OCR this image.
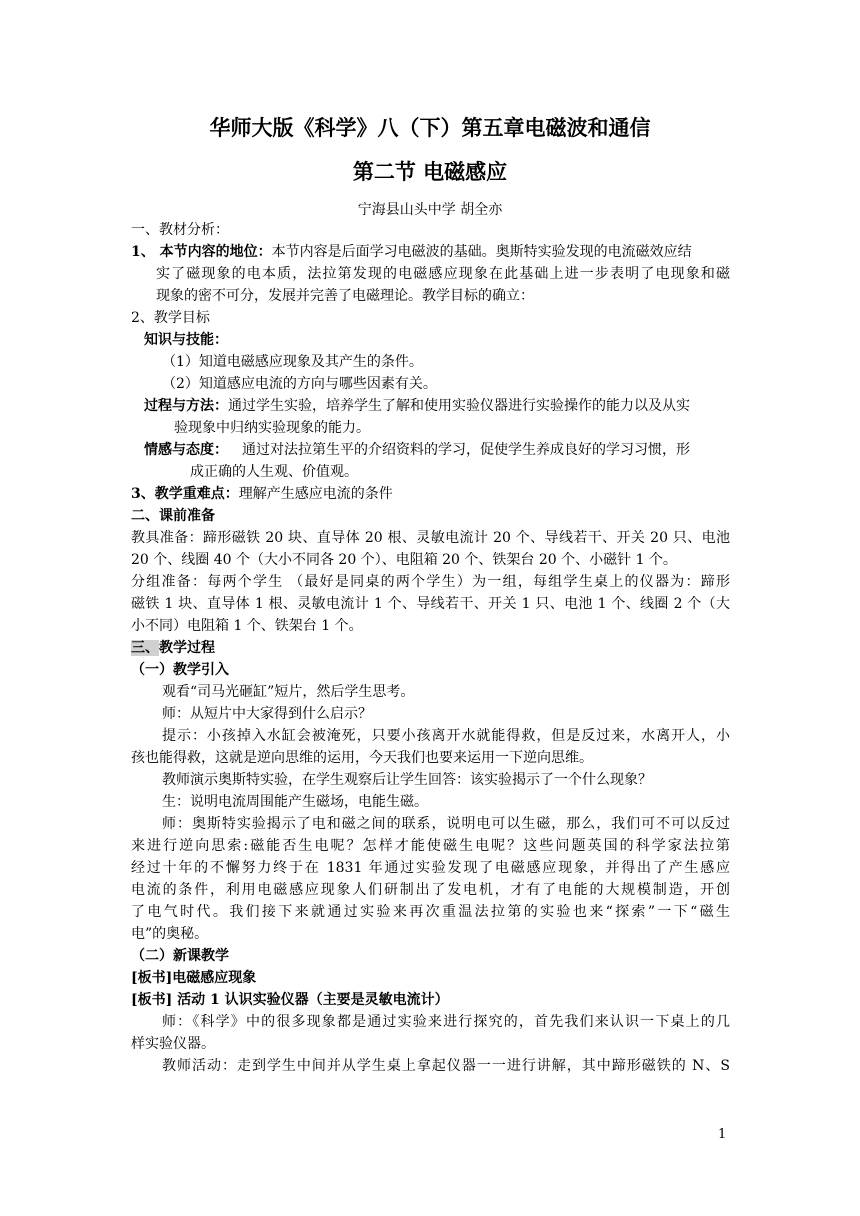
华师大版《科学》八（下）第五章电磁波和通信
第二节 电磁感应
宁海县山头中学 胡全亦
一、教材分析：
1、 本节内容的地位：本节内容是后面学习电磁波的基础。奥斯特实验发现的电流磁效应结
实了磁现象的电本质，法拉第发现的电磁感应现象在此基础上进一步表明了电现象和磁
现象的密不可分，发展并完善了电磁理论。教学目标的确立：
2、教学目标
知识与技能：
（1）知道电磁感应现象及其产生的条件。
（2）知道感应电流的方向与哪些因素有关。
过程与方法：通过学生实验，培养学生了解和使用实验仪器进行实验操作的能力以及从实
验现象中归纳实验现象的能力。
情感与态度： 通过对法拉第生平的介绍资料的学习，促使学生养成良好的学习习惯，形
成正确的人生观、价值观。
3、教学重难点：理解产生感应电流的条件
二、课前准备
教具准备：蹄形磁铁 20 块、直导体 20 根、灵敏电流计 20 个、导线若干、开关 20 只、电池
20 个、线圈 40 个（大小不同各 20 个）、电阻箱 20 个、铁架台 20 个、小磁针 1 个。
分组准备：每两个学生 （最好是同桌的两个学生）为一组，每组学生桌上的仪器为：蹄形
磁铁 1 块、直导体 1 根、灵敏电流计 1 个、导线若干、开关 1 只、电池 1 个、线圈 2 个（大
小不同）电阻箱 1 个、铁架台 1 个。
三、教学过程
（一）教学引入
观看“司马光砸缸”短片，然后学生思考。
师：从短片中大家得到什么启示？
提示：小孩掉入水缸会被淹死，只要小孩离开水就能得救，但是反过来，水离开人，小
孩也能得救，这就是逆向思维的运用，今天我们也要来运用一下逆向思维。
教师演示奥斯特实验，在学生观察后让学生回答：该实验揭示了一个什么现象？
生：说明电流周围能产生磁场，电能生磁。
师：奥斯特实验揭示了电和磁之间的联系，说明电可以生磁，那么，我们可不可以反过
来进行逆向思索:磁能否生电呢？怎样才能使磁生电呢？这些问题英国的科学家法拉第
经过十年的不懈努力终于在 1831 年通过实验发现了电磁感应现象，并得出了产生感应
电流的条件，利用电磁感应现象人们研制出了发电机，才有了电能的大规模制造，开创
了电气时代。我们接下来就通过实验来再次重温法拉第的实验也来“探索”一下“磁生
电”的奥秘。
（二）新课教学
[板书]电磁感应现象
[板书] 活动 1 认识实验仪器（主要是灵敏电流计）
师：《科学》中的很多现象都是通过实验来进行探究的，首先我们来认识一下桌上的几
样实验仪器。
教师活动：走到学生中间并从学生桌上拿起仪器一一进行讲解，其中蹄形磁铁的 N、S
1
